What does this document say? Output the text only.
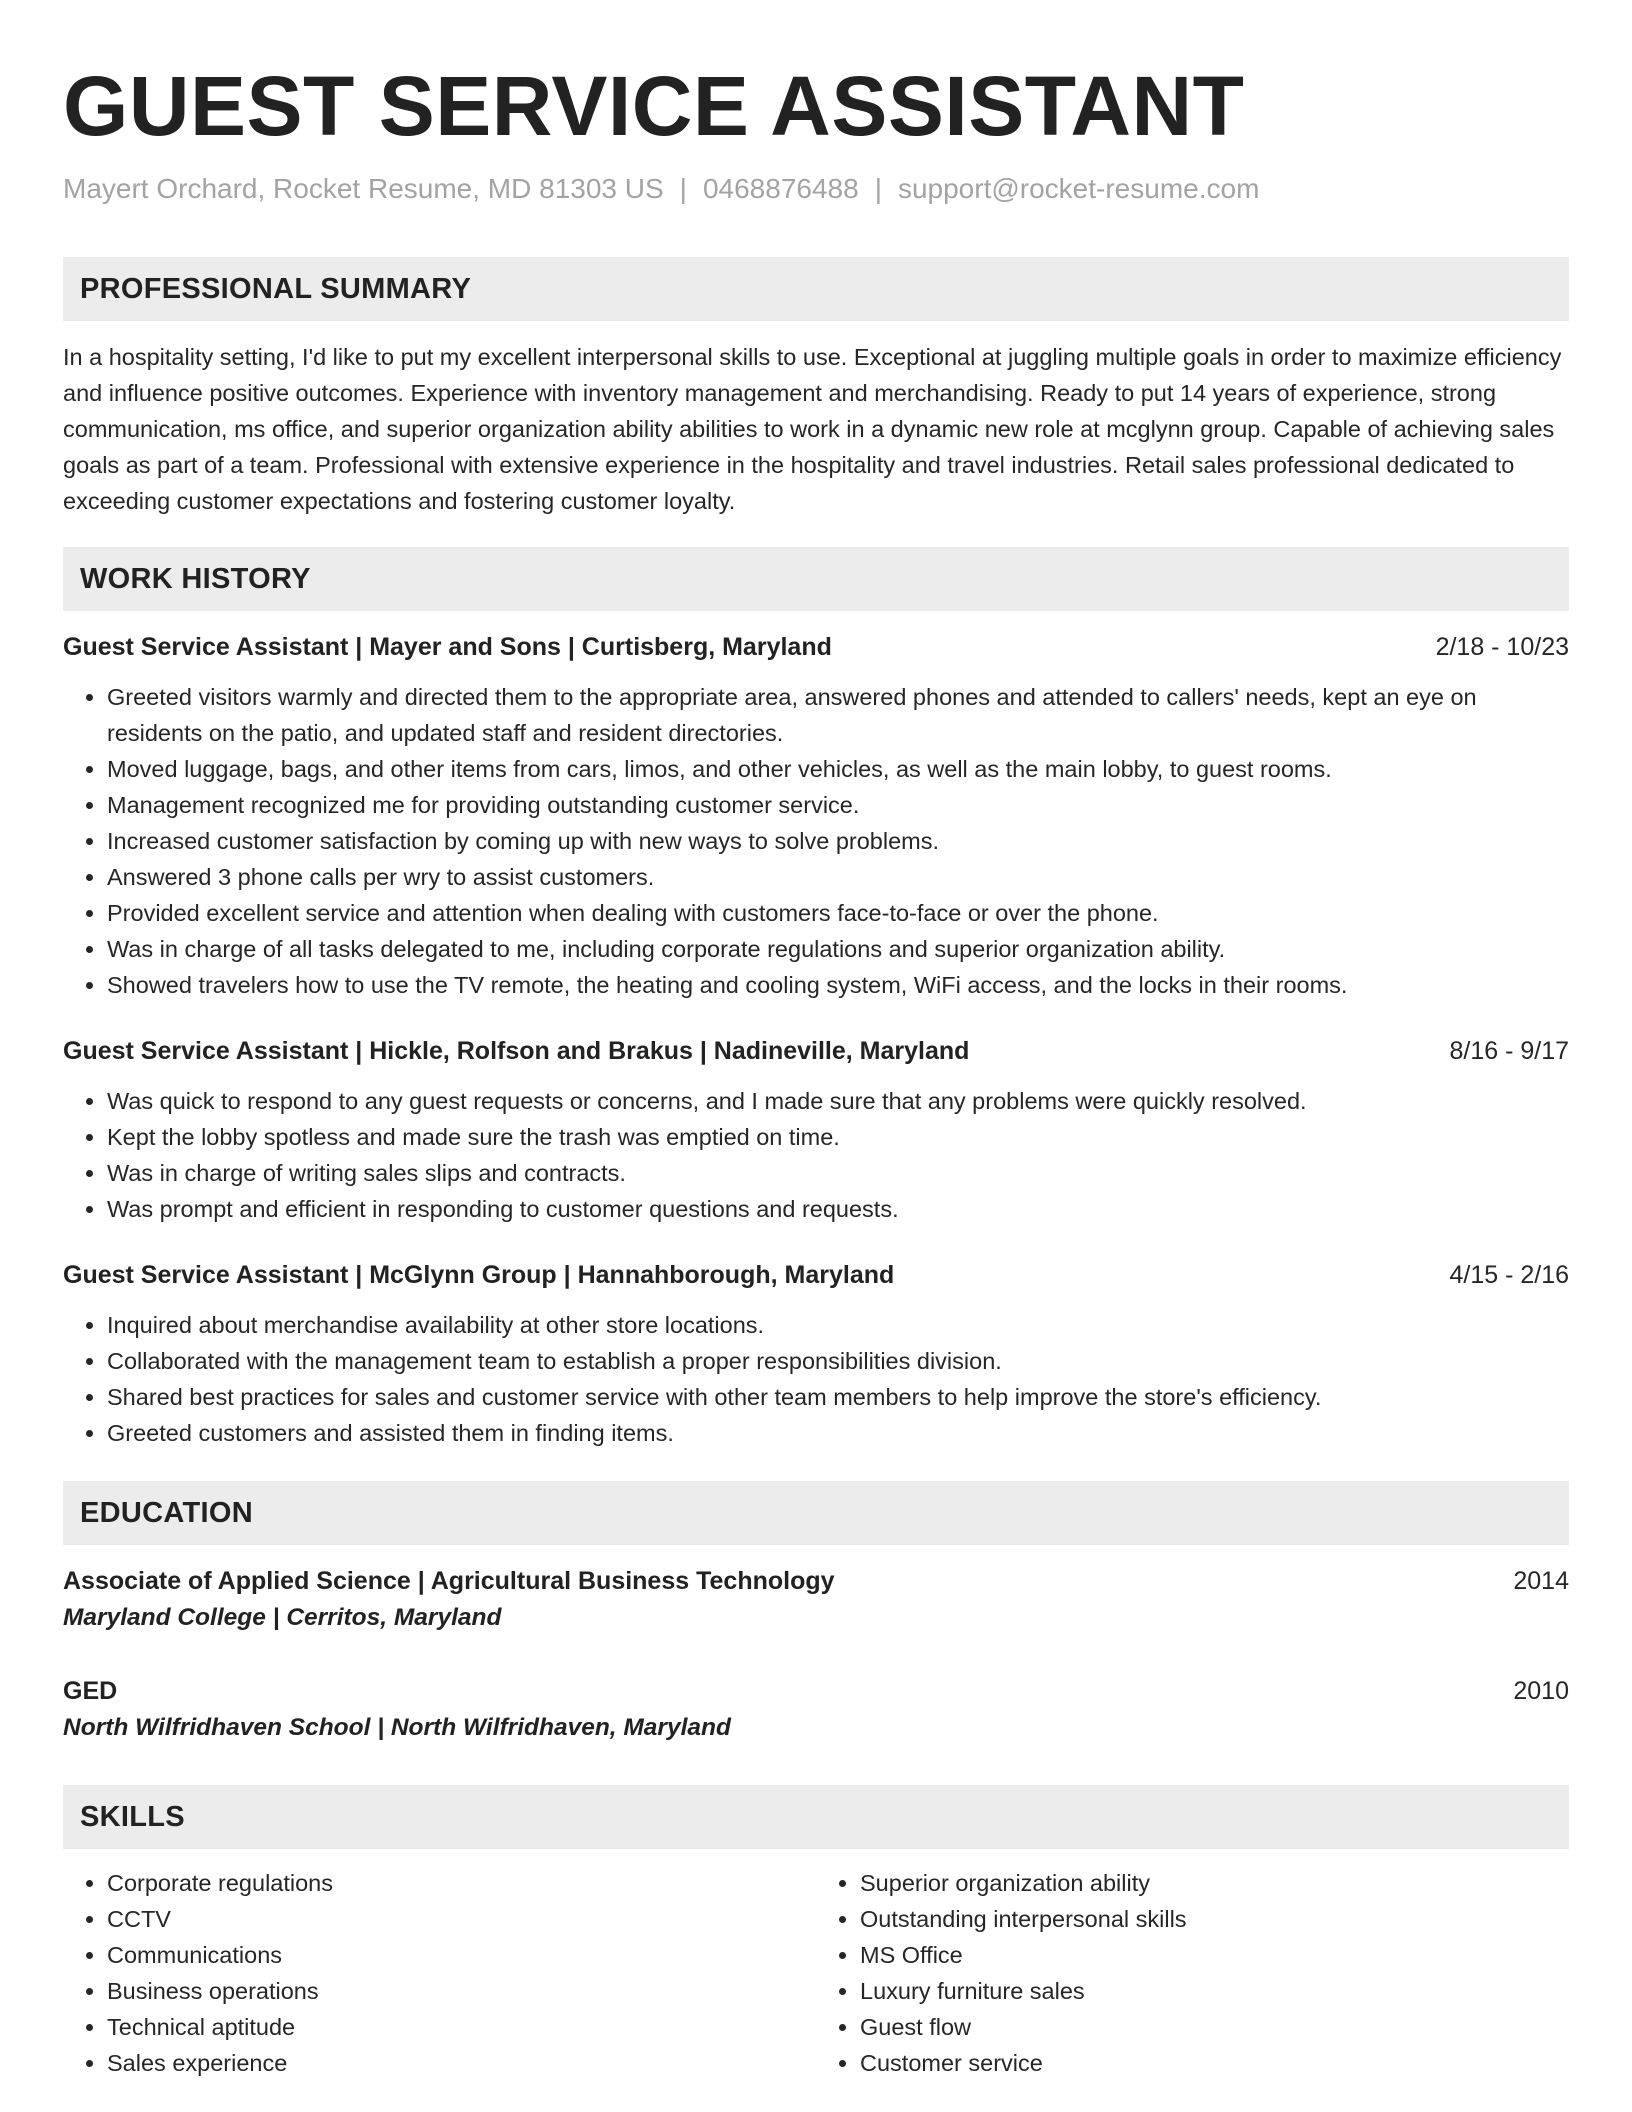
GUEST SERVICE ASSISTANT
Mayert Orchard, Rocket Resume, MD 81303 US | 0468876488 | support@rocket-resume.com
PROFESSIONAL SUMMARY

In a hospitality setting, I'd like to put my excellent interpersonal skills to use. Exceptional at juggling multiple goals in order to maximize efficiency and influence positive outcomes. Experience with inventory management and merchandising. Ready to put 14 years of experience, strong communication, ms office, and superior organization ability abilities to work in a dynamic new role at mcglynn group. Capable of achieving sales goals as part of a team. Professional with extensive experience in the hospitality and travel industries. Retail sales professional dedicated to exceeding customer expectations and fostering customer loyalty.

WORK HISTORY
Guest Service Assistant | Mayer and Sons | Curtisberg, Maryland	2/18 - 10/23
• Greeted visitors warmly and directed them to the appropriate area, answered phones and attended to callers' needs, kept an eye on residents on the patio, and updated staff and resident directories.
• Moved luggage, bags, and other items from cars, limos, and other vehicles, as well as the main lobby, to guest rooms.
• Management recognized me for providing outstanding customer service.
• Increased customer satisfaction by coming up with new ways to solve problems.
• Answered 3 phone calls per wry to assist customers.
• Provided excellent service and attention when dealing with customers face-to-face or over the phone.
• Was in charge of all tasks delegated to me, including corporate regulations and superior organization ability.
• Showed travelers how to use the TV remote, the heating and cooling system, WiFi access, and the locks in their rooms.
Guest Service Assistant | Hickle, Rolfson and Brakus | Nadineville, Maryland	8/16 - 9/17
• Was quick to respond to any guest requests or concerns, and I made sure that any problems were quickly resolved.
• Kept the lobby spotless and made sure the trash was emptied on time.
• Was in charge of writing sales slips and contracts.
• Was prompt and efficient in responding to customer questions and requests.
Guest Service Assistant | McGlynn Group | Hannahborough, Maryland	4/15 - 2/16
• Inquired about merchandise availability at other store locations.
• Collaborated with the management team to establish a proper responsibilities division.
• Shared best practices for sales and customer service with other team members to help improve the store's efficiency.
• Greeted customers and assisted them in finding items.
EDUCATION
Associate of Applied Science | Agricultural Business Technology	2014
Maryland College | Cerritos, Maryland
GED	2010
North Wilfridhaven School | North Wilfridhaven, Maryland
SKILLS
• Corporate regulations
• CCTV
• Communications
• Business operations
• Technical aptitude
• Sales experience
• Superior organization ability
• Outstanding interpersonal skills
• MS Office
• Luxury furniture sales
• Guest flow
• Customer service
